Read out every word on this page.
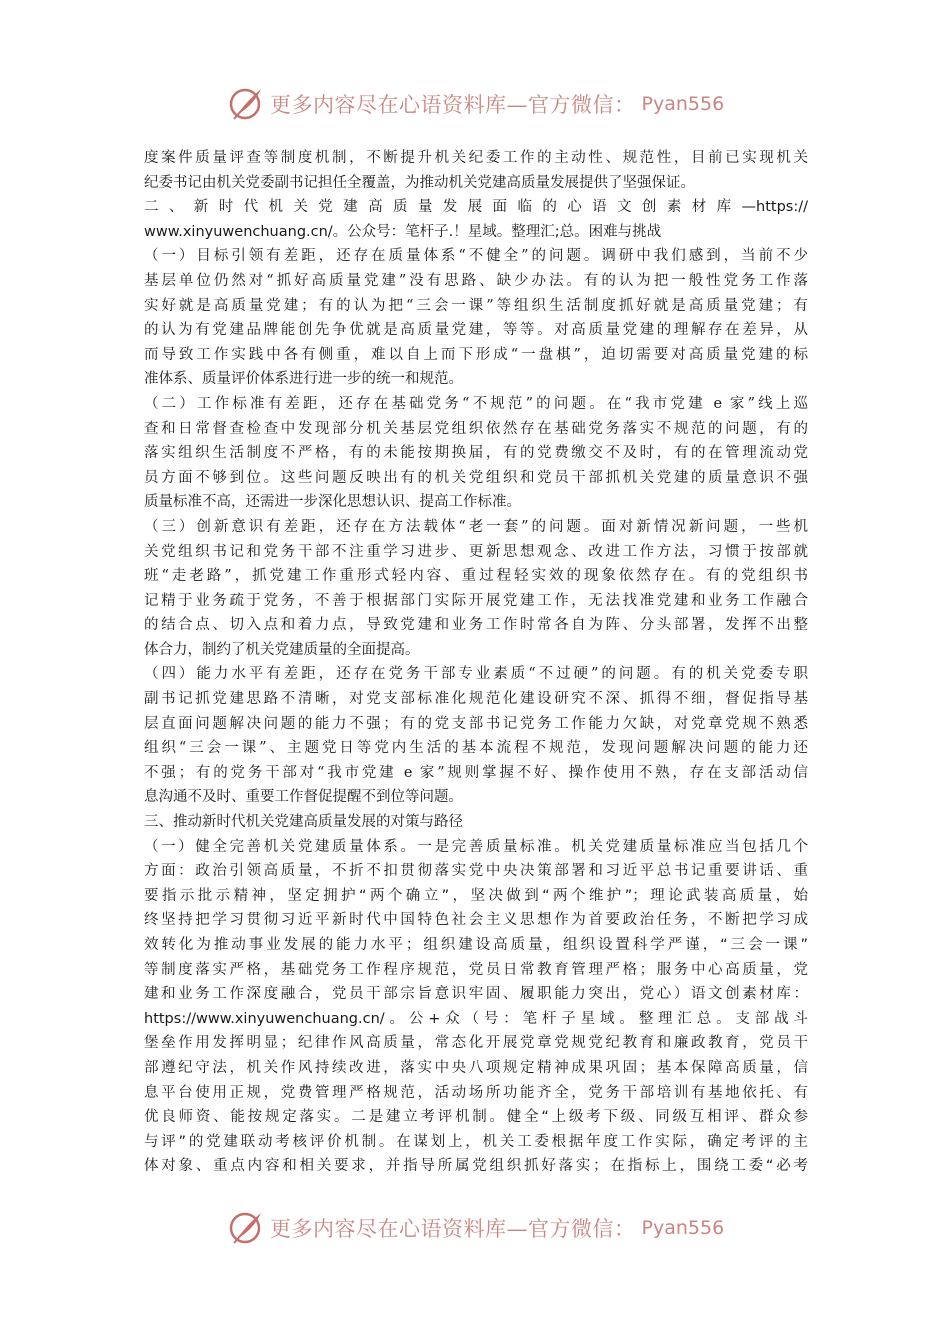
更多内容尽在心语资料库—官方微信： Pyan556
度案件质量评查等制度机制，不断提升机关纪委工作的主动性、规范性，目前已实现机关
纪委书记由机关党委副书记担任全覆盖，为推动机关党建高质量发展提供了坚强保证。
二、新时代机关党建高质量发展面临的心语文创素材库—https://
www.xinyuwenchuang.cn/。公众号：笔杆子.！星域。整理汇;总。困难与挑战
（一）目标引领有差距，还存在质量体系“不健全”的问题。调研中我们感到，当前不少
基层单位仍然对“抓好高质量党建”没有思路、缺少办法。有的认为把一般性党务工作落
实好就是高质量党建；有的认为把“三会一课”等组织生活制度抓好就是高质量党建；有
的认为有党建品牌能创先争优就是高质量党建，等等。对高质量党建的理解存在差异，从
而导致工作实践中各有侧重，难以自上而下形成“一盘棋”，迫切需要对高质量党建的标
准体系、质量评价体系进行进一步的统一和规范。
（二）工作标准有差距，还存在基础党务“不规范”的问题。在“我市党建 e 家”线上巡
查和日常督查检查中发现部分机关基层党组织依然存在基础党务落实不规范的问题，有的
落实组织生活制度不严格，有的未能按期换届，有的党费缴交不及时，有的在管理流动党
员方面不够到位。这些问题反映出有的机关党组织和党员干部抓机关党建的质量意识不强
质量标准不高，还需进一步深化思想认识、提高工作标准。
（三）创新意识有差距，还存在方法载体“老一套”的问题。面对新情况新问题，一些机
关党组织书记和党务干部不注重学习进步、更新思想观念、改进工作方法，习惯于按部就
班“走老路”，抓党建工作重形式轻内容、重过程轻实效的现象依然存在。有的党组织书
记精于业务疏于党务，不善于根据部门实际开展党建工作，无法找准党建和业务工作融合
的结合点、切入点和着力点，导致党建和业务工作时常各自为阵、分头部署，发挥不出整
体合力，制约了机关党建质量的全面提高。
（四）能力水平有差距，还存在党务干部专业素质“不过硬”的问题。有的机关党委专职
副书记抓党建思路不清晰，对党支部标准化规范化建设研究不深、抓得不细，督促指导基
层直面问题解决问题的能力不强；有的党支部书记党务工作能力欠缺，对党章党规不熟悉
组织“三会一课”、主题党日等党内生活的基本流程不规范，发现问题解决问题的能力还
不强；有的党务干部对“我市党建 e 家”规则掌握不好、操作使用不熟，存在支部活动信
息沟通不及时、重要工作督促提醒不到位等问题。
三、推动新时代机关党建高质量发展的对策与路径
（一）健全完善机关党建质量体系。一是完善质量标准。机关党建质量标准应当包括几个
方面：政治引领高质量，不折不扣贯彻落实党中央决策部署和习近平总书记重要讲话、重
要指示批示精神，坚定拥护“两个确立”，坚决做到“两个维护”；理论武装高质量，始
终坚持把学习贯彻习近平新时代中国特色社会主义思想作为首要政治任务，不断把学习成
效转化为推动事业发展的能力水平；组织建设高质量，组织设置科学严谨，“三会一课”
等制度落实严格，基础党务工作程序规范，党员日常教育管理严格；服务中心高质量，党
建和业务工作深度融合，党员干部宗旨意识牢固、履职能力突出，党心）语文创素材库：
https://www.xinyuwenchuang.cn/。公+众（号：笔杆子星域。整理汇总。支部战斗
堡垒作用发挥明显；纪律作风高质量，常态化开展党章党规党纪教育和廉政教育，党员干
部遵纪守法，机关作风持续改进，落实中央八项规定精神成果巩固；基本保障高质量，信
息平台使用正规，党费管理严格规范，活动场所功能齐全，党务干部培训有基地依托、有
优良师资、能按规定落实。二是建立考评机制。健全“上级考下级、同级互相评、群众参
与评”的党建联动考核评价机制。在谋划上，机关工委根据年度工作实际，确定考评的主
体对象、重点内容和相关要求，并指导所属党组织抓好落实；在指标上，围绕工委“必考
更多内容尽在心语资料库—官方微信： Pyan556
